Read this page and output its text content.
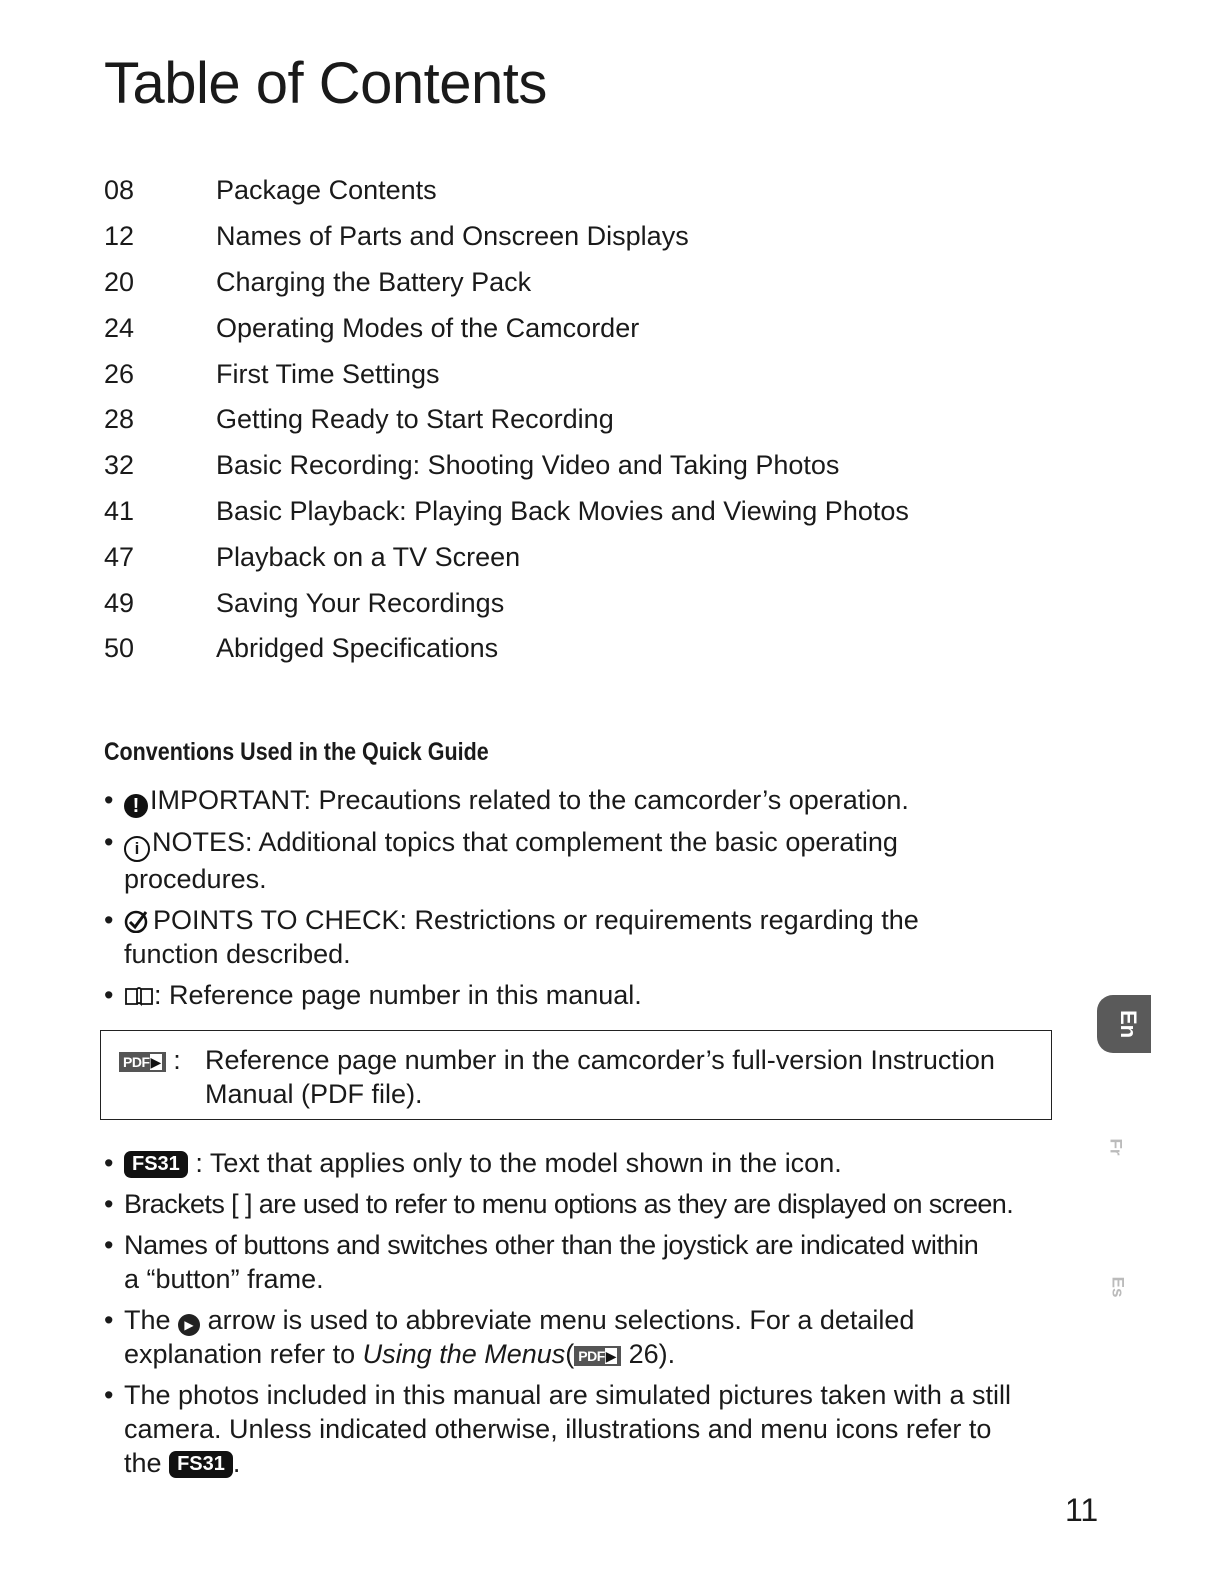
Table of Contents
08	Package Contents
12	Names of Parts and Onscreen Displays
20	Charging the Battery Pack
24	Operating Modes of the Camcorder
26	First Time Settings
28	Getting Ready to Start Recording
32	Basic Recording: Shooting Video and Taking Photos
41	Basic Playback: Playing Back Movies and Viewing Photos
47	Playback on a TV Screen
49	Saving Your Recordings
50	Abridged Specifications
Conventions Used in the Quick Guide
• ! IMPORTANT: Precautions related to the camcorder’s operation.
• i NOTES: Additional topics that complement the basic operating
procedures.
• POINTS TO CHECK: Restrictions or requirements regarding the
function described.
• : Reference page number in this manual.
PDF▶ : Reference page number in the camcorder’s full-version Instruction
Manual (PDF file).
• FS31 : Text that applies only to the model shown in the icon.
• Brackets [ ] are used to refer to menu options as they are displayed on screen.
• Names of buttons and switches other than the joystick are indicated within
a “button” frame.
• The ▶ arrow is used to abbreviate menu selections. For a detailed
explanation refer to Using the Menus( PDF▶ 26).
• The photos included in this manual are simulated pictures taken with a still
camera. Unless indicated otherwise, illustrations and menu icons refer to
the FS31 .
En
Fr
Es
11
